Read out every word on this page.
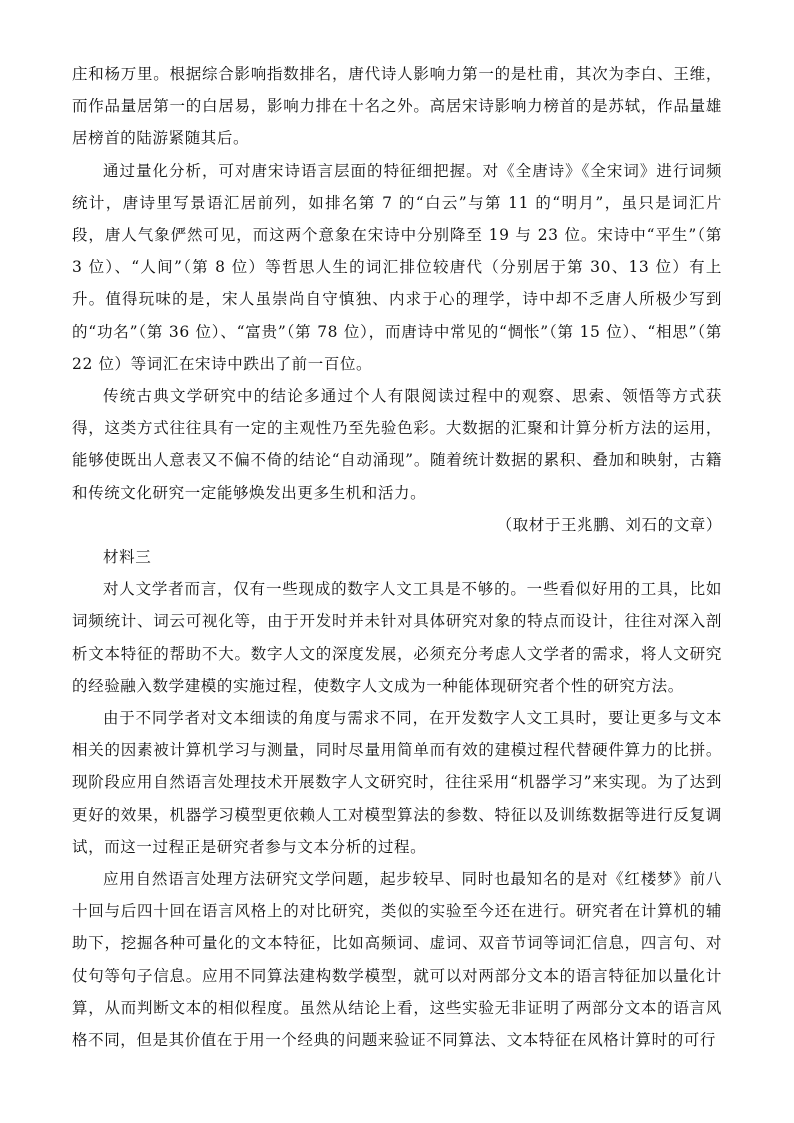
庄和杨万里。根据综合影响指数排名，唐代诗人影响力第一的是杜甫，其次为李白、王维，而作品量居第一的白居易，影响力排在十名之外。高居宋诗影响力榜首的是苏轼，作品量雄居榜首的陆游紧随其后。

通过量化分析，可对唐宋诗语言层面的特征细把握。对《全唐诗》《全宋词》进行词频统计，唐诗里写景语汇居前列，如排名第 7 的“白云”与第 11 的“明月”，虽只是词汇片段，唐人气象俨然可见，而这两个意象在宋诗中分别降至 19 与 23 位。宋诗中“平生”（第 3 位）、“人间”（第 8 位）等哲思人生的词汇排位较唐代（分别居于第 30、13 位）有上升。值得玩味的是，宋人虽崇尚自守慎独、内求于心的理学，诗中却不乏唐人所极少写到的“功名”（第 36 位）、“富贵”（第 78 位），而唐诗中常见的“惆怅”（第 15 位）、“相思”（第 22 位）等词汇在宋诗中跌出了前一百位。

传统古典文学研究中的结论多通过个人有限阅读过程中的观察、思索、领悟等方式获得，这类方式往往具有一定的主观性乃至先验色彩。大数据的汇聚和计算分析方法的运用，能够使既出人意表又不偏不倚的结论“自动涌现”。随着统计数据的累积、叠加和映射，古籍和传统文化研究一定能够焕发出更多生机和活力。

（取材于王兆鹏、刘石的文章）

材料三

对人文学者而言，仅有一些现成的数字人文工具是不够的。一些看似好用的工具，比如词频统计、词云可视化等，由于开发时并未针对具体研究对象的特点而设计，往往对深入剖析文本特征的帮助不大。数字人文的深度发展，必须充分考虑人文学者的需求，将人文研究的经验融入数学建模的实施过程，使数字人文成为一种能体现研究者个性的研究方法。

由于不同学者对文本细读的角度与需求不同，在开发数字人文工具时，要让更多与文本相关的因素被计算机学习与测量，同时尽量用简单而有效的建模过程代替硬件算力的比拼。现阶段应用自然语言处理技术开展数字人文研究时，往往采用“机器学习”来实现。为了达到更好的效果，机器学习模型更依赖人工对模型算法的参数、特征以及训练数据等进行反复调试，而这一过程正是研究者参与文本分析的过程。

应用自然语言处理方法研究文学问题，起步较早、同时也最知名的是对《红楼梦》前八十回与后四十回在语言风格上的对比研究，类似的实验至今还在进行。研究者在计算机的辅助下，挖掘各种可量化的文本特征，比如高频词、虚词、双音节词等词汇信息，四言句、对仗句等句子信息。应用不同算法建构数学模型，就可以对两部分文本的语言特征加以量化计算，从而判断文本的相似程度。虽然从结论上看，这些实验无非证明了两部分文本的语言风格不同，但是其价值在于用一个经典的问题来验证不同算法、文本特征在风格计算时的可行
